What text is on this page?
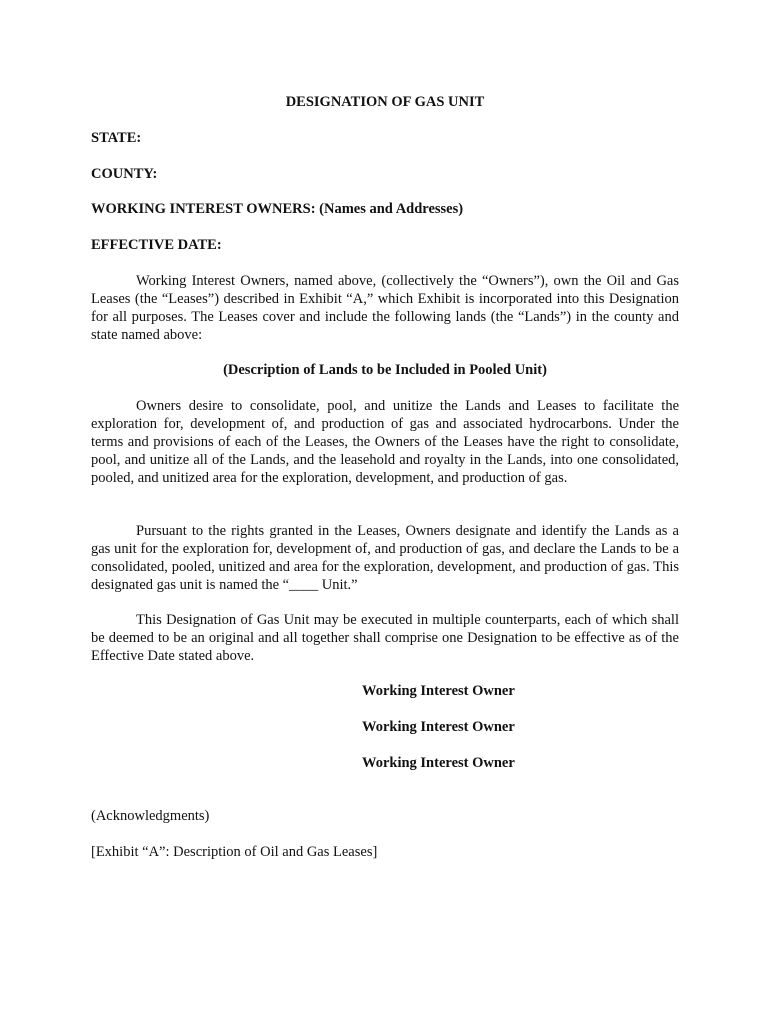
DESIGNATION OF GAS UNIT

STATE:

COUNTY:

WORKING INTEREST OWNERS: (Names and Addresses)

EFFECTIVE DATE:

Working Interest Owners, named above, (collectively the “Owners”), own the Oil and Gas Leases (the “Leases”) described in Exhibit “A,” which Exhibit is incorporated into this Designation for all purposes. The Leases cover and include the following lands (the “Lands”) in the county and state named above:

(Description of Lands to be Included in Pooled Unit)

Owners desire to consolidate, pool, and unitize the Lands and Leases to facilitate the exploration for, development of, and production of gas and associated hydrocarbons. Under the terms and provisions of each of the Leases, the Owners of the Leases have the right to consolidate, pool, and unitize all of the Lands, and the leasehold and royalty in the Lands, into one consolidated, pooled, and unitized area for the exploration, development, and production of gas.

Pursuant to the rights granted in the Leases, Owners designate and identify the Lands as a gas unit for the exploration for, development of, and production of gas, and declare the Lands to be a consolidated, pooled, unitized and area for the exploration, development, and production of gas. This designated gas unit is named the “____ Unit.”

This Designation of Gas Unit may be executed in multiple counterparts, each of which shall be deemed to be an original and all together shall comprise one Designation to be effective as of the Effective Date stated above.

Working Interest Owner

Working Interest Owner

Working Interest Owner

(Acknowledgments)

[Exhibit “A”: Description of Oil and Gas Leases]
